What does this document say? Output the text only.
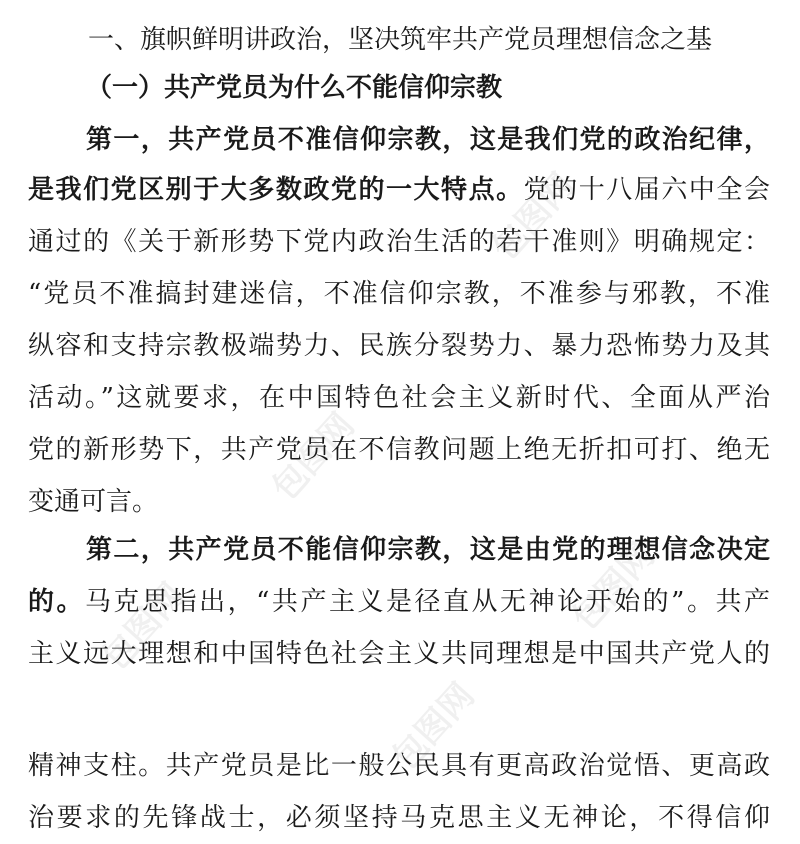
包图网
包图网
包图网
包图网
包图网
一、旗帜鲜明讲政治，坚决筑牢共产党员理想信念之基
（一）共产党员为什么不能信仰宗教
第一，共产党员不准信仰宗教，这是我们党的政治纪律，
是我们党区别于大多数政党的一大特点。党的十八届六中全会
通过的《关于新形势下党内政治生活的若干准则》明确规定：
“党员不准搞封建迷信，不准信仰宗教，不准参与邪教，不准
纵容和支持宗教极端势力、民族分裂势力、暴力恐怖势力及其
活动。”这就要求，在中国特色社会主义新时代、全面从严治
党的新形势下，共产党员在不信教问题上绝无折扣可打、绝无
变通可言。
第二，共产党员不能信仰宗教，这是由党的理想信念决定
的。马克思指出，“共产主义是径直从无神论开始的”。共产
主义远大理想和中国特色社会主义共同理想是中国共产党人的
精神支柱。共产党员是比一般公民具有更高政治觉悟、更高政
治要求的先锋战士，必须坚持马克思主义无神论，不得信仰
